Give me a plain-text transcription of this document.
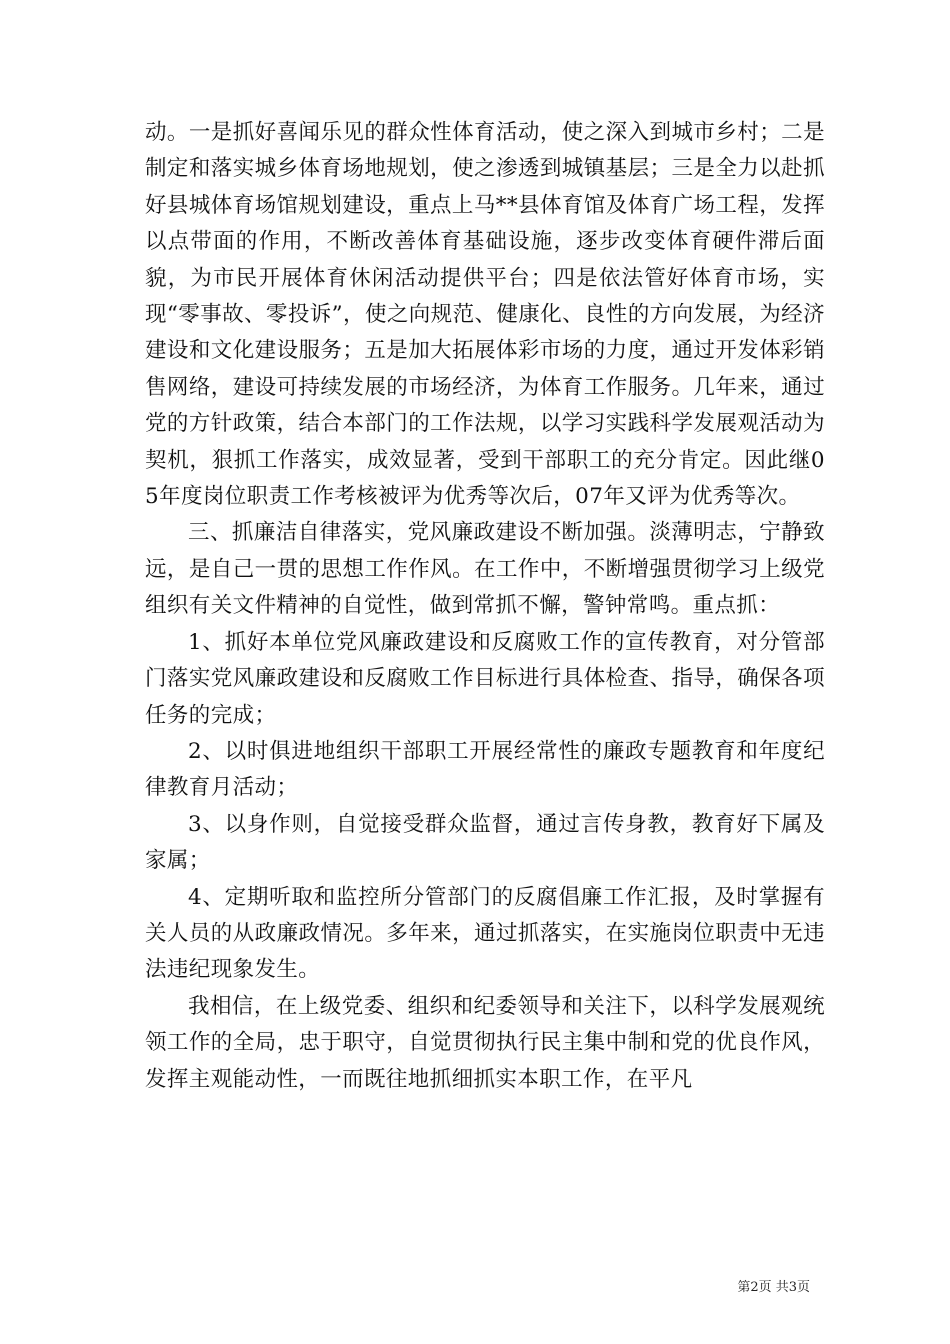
动。一是抓好喜闻乐见的群众性体育活动，使之深入到城市乡村；二是制定和落实城乡体育场地规划，使之渗透到城镇基层；三是全力以赴抓好县城体育场馆规划建设，重点上马**县体育馆及体育广场工程，发挥以点带面的作用，不断改善体育基础设施，逐步改变体育硬件滞后面貌，为市民开展体育休闲活动提供平台；四是依法管好体育市场，实现“零事故、零投诉”，使之向规范、健康化、良性的方向发展，为经济建设和文化建设服务；五是加大拓展体彩市场的力度，通过开发体彩销售网络，建设可持续发展的市场经济，为体育工作服务。几年来，通过党的方针政策，结合本部门的工作法规，以学习实践科学发展观活动为契机，狠抓工作落实，成效显著，受到干部职工的充分肯定。因此继05年度岗位职责工作考核被评为优秀等次后，07年又评为优秀等次。

三、抓廉洁自律落实，党风廉政建设不断加强。淡薄明志，宁静致远，是自己一贯的思想工作作风。在工作中，不断增强贯彻学习上级党组织有关文件精神的自觉性，做到常抓不懈，警钟常鸣。重点抓：

1、抓好本单位党风廉政建设和反腐败工作的宣传教育，对分管部门落实党风廉政建设和反腐败工作目标进行具体检查、指导，确保各项任务的完成；

2、以时俱进地组织干部职工开展经常性的廉政专题教育和年度纪律教育月活动；

3、以身作则，自觉接受群众监督，通过言传身教，教育好下属及家属；

4、定期听取和监控所分管部门的反腐倡廉工作汇报，及时掌握有关人员的从政廉政情况。多年来，通过抓落实，在实施岗位职责中无违法违纪现象发生。

我相信，在上级党委、组织和纪委领导和关注下，以科学发展观统领工作的全局，忠于职守，自觉贯彻执行民主集中制和党的优良作风，发挥主观能动性，一而既往地抓细抓实本职工作，在平凡

第2页 共3页
